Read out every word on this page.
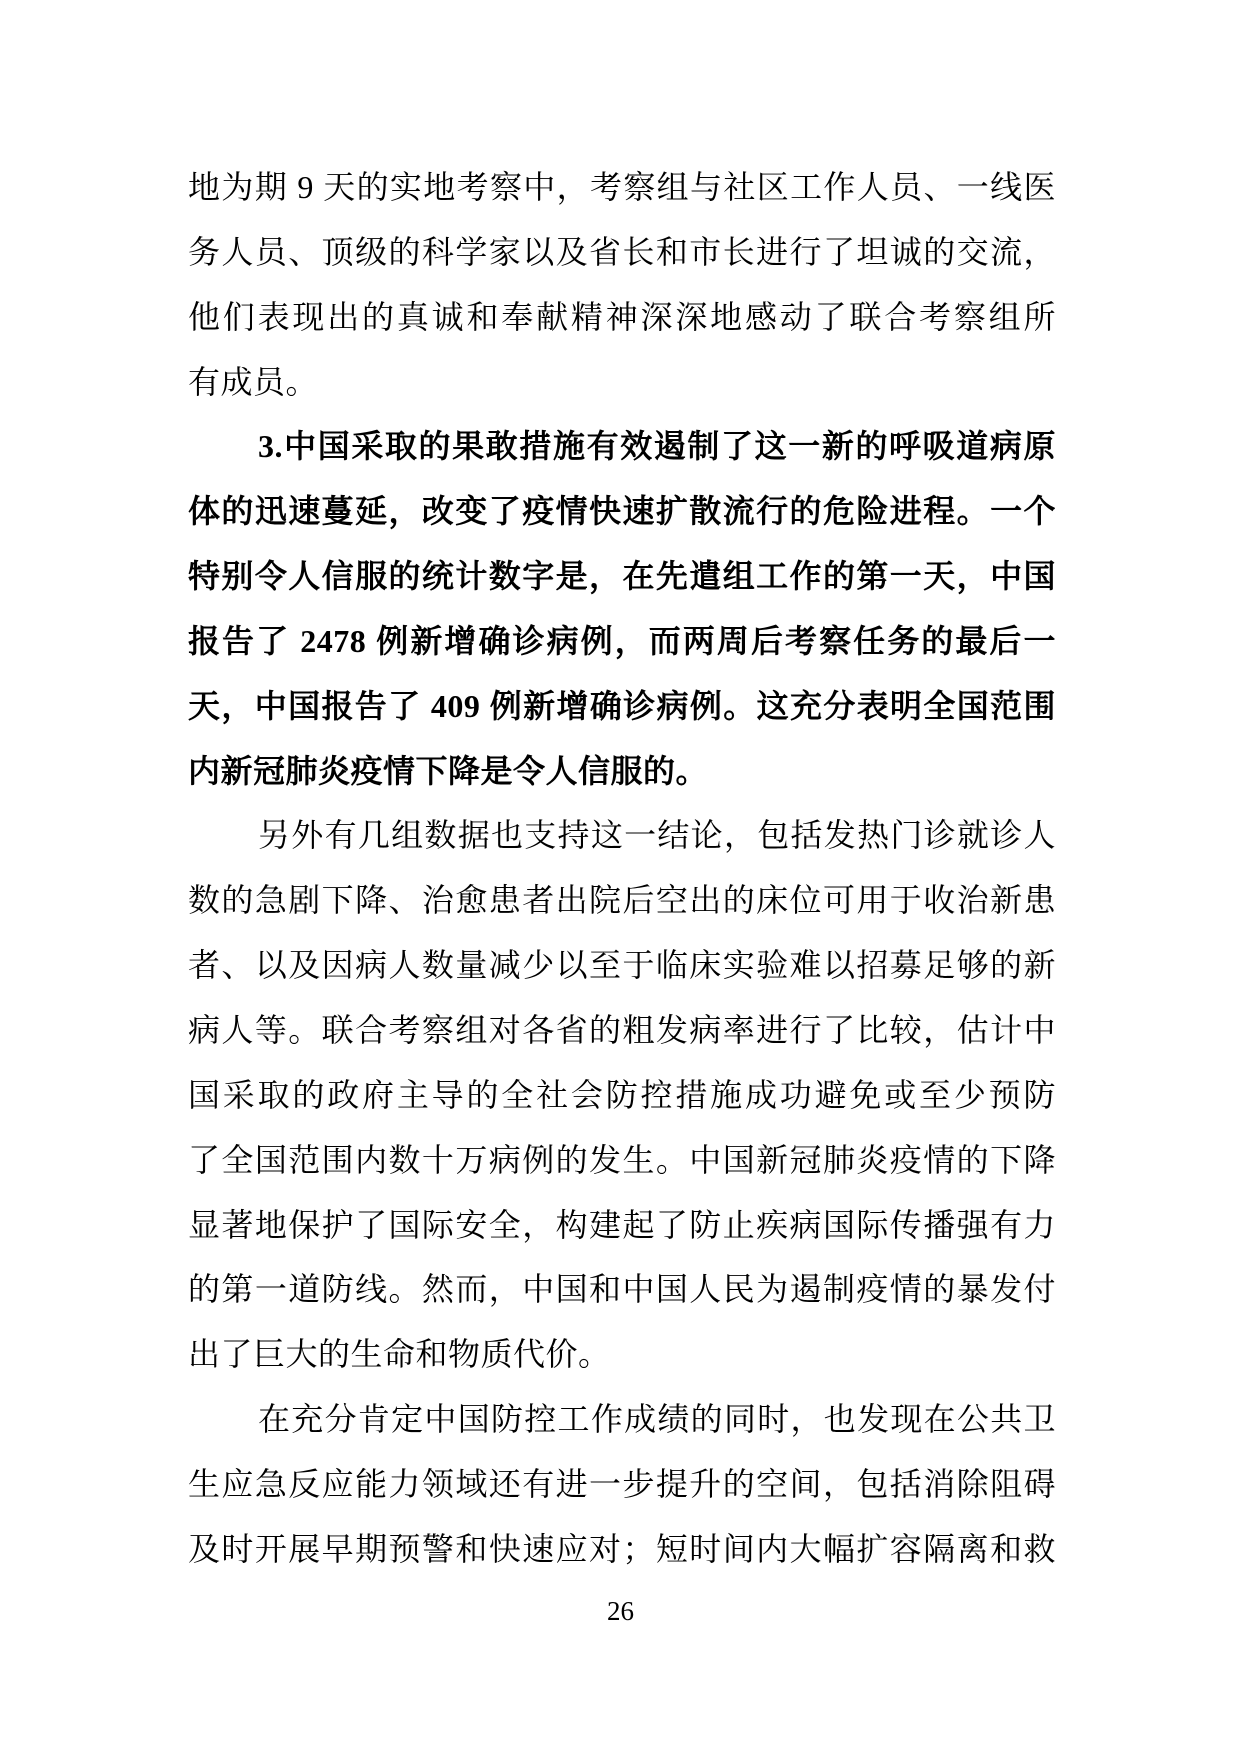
地为期 9 天的实地考察中，考察组与社区工作人员、一线医
务人员、顶级的科学家以及省长和市长进行了坦诚的交流，
他们表现出的真诚和奉献精神深深地感动了联合考察组所
有成员。
3.中国采取的果敢措施有效遏制了这一新的呼吸道病原
体的迅速蔓延，改变了疫情快速扩散流行的危险进程。一个
特别令人信服的统计数字是，在先遣组工作的第一天，中国
报告了 2478 例新增确诊病例，而两周后考察任务的最后一
天，中国报告了 409 例新增确诊病例。这充分表明全国范围
内新冠肺炎疫情下降是令人信服的。
另外有几组数据也支持这一结论，包括发热门诊就诊人
数的急剧下降、治愈患者出院后空出的床位可用于收治新患
者、以及因病人数量减少以至于临床实验难以招募足够的新
病人等。联合考察组对各省的粗发病率进行了比较，估计中
国采取的政府主导的全社会防控措施成功避免或至少预防
了全国范围内数十万病例的发生。中国新冠肺炎疫情的下降
显著地保护了国际安全，构建起了防止疾病国际传播强有力
的第一道防线。然而，中国和中国人民为遏制疫情的暴发付
出了巨大的生命和物质代价。
在充分肯定中国防控工作成绩的同时，也发现在公共卫
生应急反应能力领域还有进一步提升的空间，包括消除阻碍
及时开展早期预警和快速应对；短时间内大幅扩容隔离和救
26
